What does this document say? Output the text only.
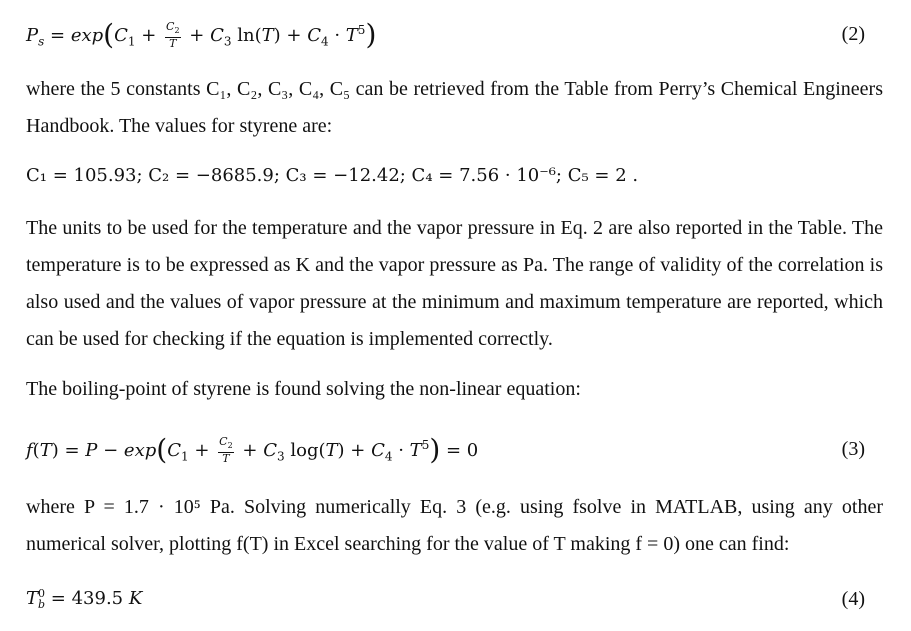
$P_s = \exp(C_1 + \frac{C_2}{T} + C_3$ $\ln(T) + C_4 \cdot T^5$)	(2)
where the 5 constants C₁, C₂, C₃, C₄, C₅ can be retrieved from the Table from Perry’s Chemical Engineers Handbook. The values for styrene are:
C₁ = 105.93; C₂ = −8685.9; C₃ = −12.42; C₄ = 7.56 · 10⁻⁶; C₅ = 2 .
The units to be used for the temperature and the vapor pressure in Eq. 2 are also reported in the Table. The temperature is to be expressed as K and the vapor pressure as Pa. The range of validity of the correlation is also used and the values of vapor pressure at the minimum and maximum temperature are reported, which can be used for checking if the equation is implemented correctly.
The boiling-point of styrene is found solving the non-linear equation:
$f(T) = P - \exp(C_1 + \frac{C_2}{T} + C_3$ $\log(T) + C_4 \cdot T^5) = 0$	(3)
where P = 1.7 · 10⁵ Pa. Solving numerically Eq. 3 (e.g. using fsolve in MATLAB, using any other numerical solver, plotting f(T) in Excel searching for the value of T making f = 0) one can find:
T 0
b = 439.5 K	(4)
